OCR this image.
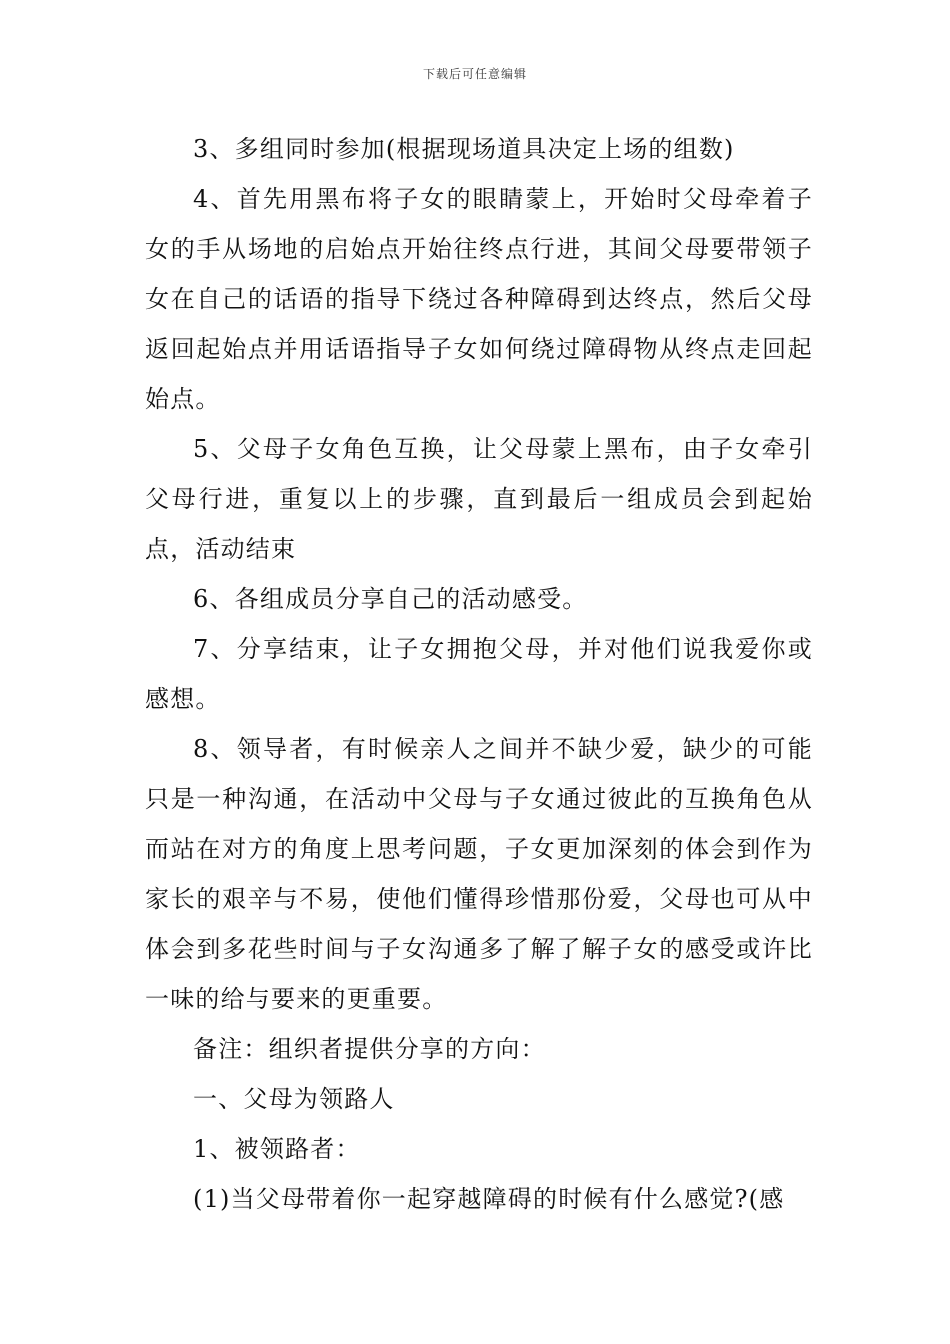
下载后可任意编辑

3、多组同时参加(根据现场道具决定上场的组数)

4、首先用黑布将子女的眼睛蒙上，开始时父母牵着子女的手从场地的启始点开始往终点行进，其间父母要带领子女在自己的话语的指导下绕过各种障碍到达终点，然后父母返回起始点并用话语指导子女如何绕过障碍物从终点走回起始点。

5、父母子女角色互换，让父母蒙上黑布，由子女牵引父母行进，重复以上的步骤，直到最后一组成员会到起始点，活动结束

6、各组成员分享自己的活动感受。

7、分享结束，让子女拥抱父母，并对他们说我爱你或感想。

8、领导者，有时候亲人之间并不缺少爱，缺少的可能只是一种沟通，在活动中父母与子女通过彼此的互换角色从而站在对方的角度上思考问题，子女更加深刻的体会到作为家长的艰辛与不易，使他们懂得珍惜那份爱，父母也可从中体会到多花些时间与子女沟通多了解了解子女的感受或许比一味的给与要来的更重要。

备注：组织者提供分享的方向：

一、父母为领路人

1、被领路者：

(1)当父母带着你一起穿越障碍的时候有什么感觉?(感
